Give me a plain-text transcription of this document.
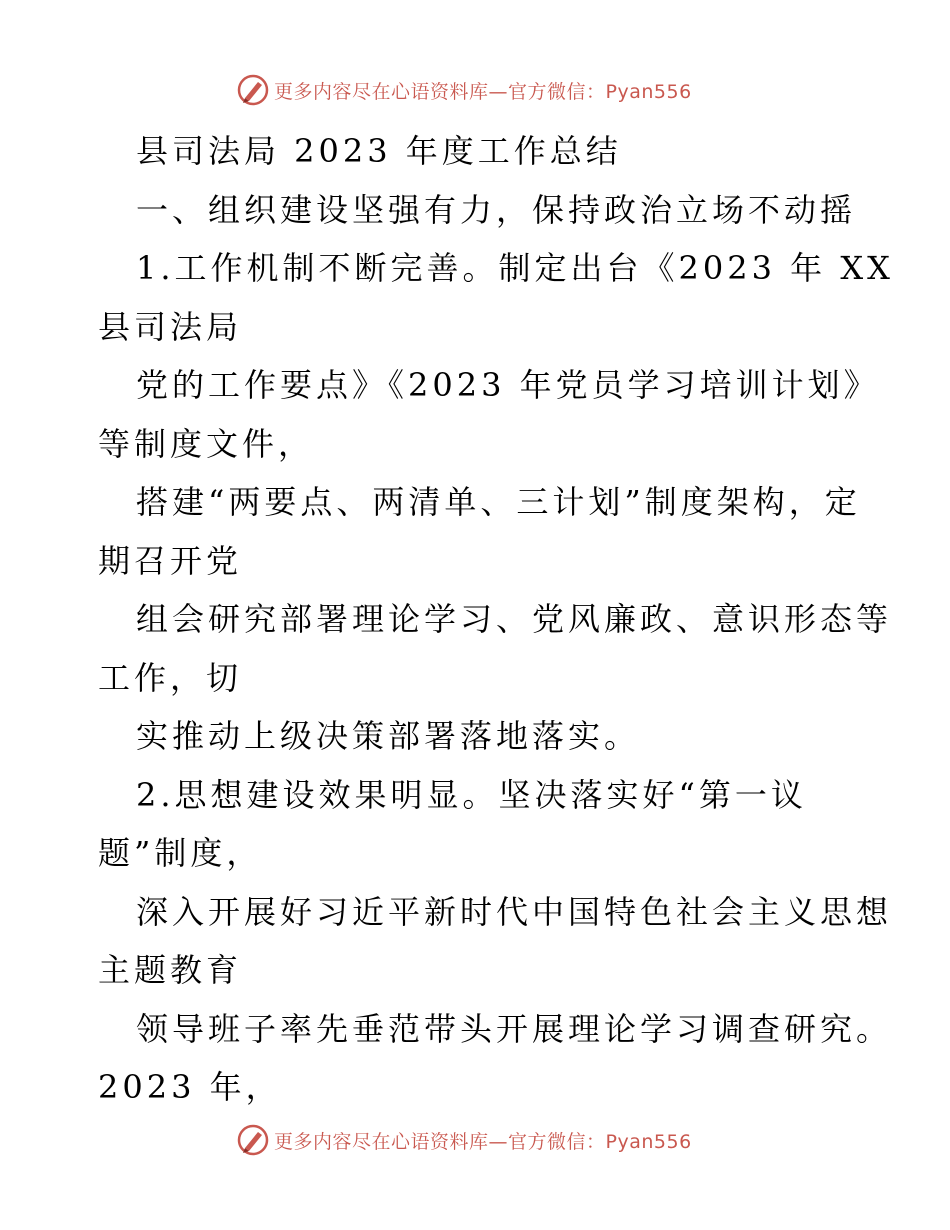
更多内容尽在心语资料库—官方微信：Pyan556
县司法局 2023 年度工作总结
一、组织建设坚强有力，保持政治立场不动摇
1.工作机制不断完善。制定出台《2023 年 XX
县司法局
党的工作要点》《2023 年党员学习培训计划》
等制度文件，
搭建“两要点、两清单、三计划”制度架构，定
期召开党
组会研究部署理论学习、党风廉政、意识形态等
工作，切
实推动上级决策部署落地落实。
2.思想建设效果明显。坚决落实好“第一议
题”制度，
深入开展好习近平新时代中国特色社会主义思想
主题教育
领导班子率先垂范带头开展理论学习调查研究。
2023 年，
更多内容尽在心语资料库—官方微信：Pyan556
